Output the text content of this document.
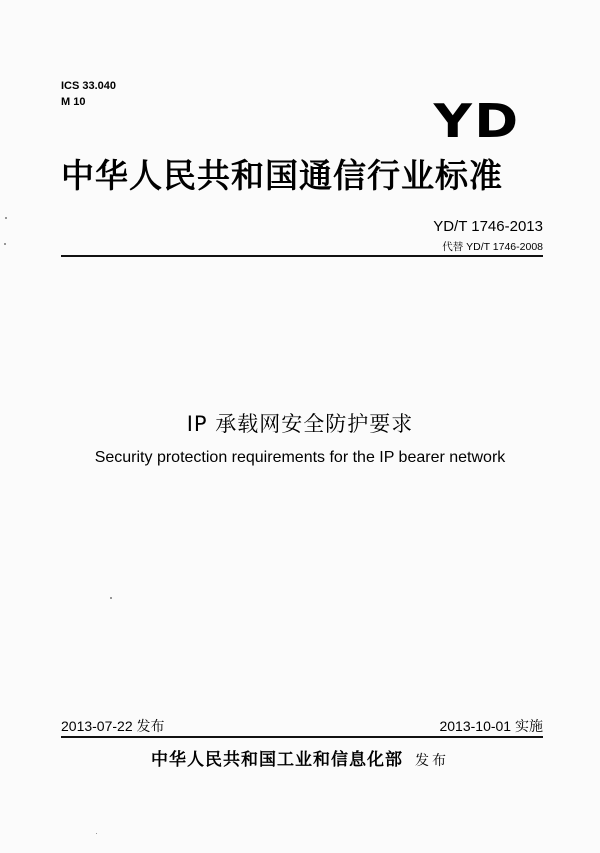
ICS 33.040
M 10	YD
中华人民共和国通信行业标准
YD/T 1746-2013
代替 YD/T 1746-2008
IP 承载网安全防护要求
Security protection requirements for the IP bearer network
2013-07-22 发布	2013-10-01 实施
中华人民共和国工业和信息化部 发布
